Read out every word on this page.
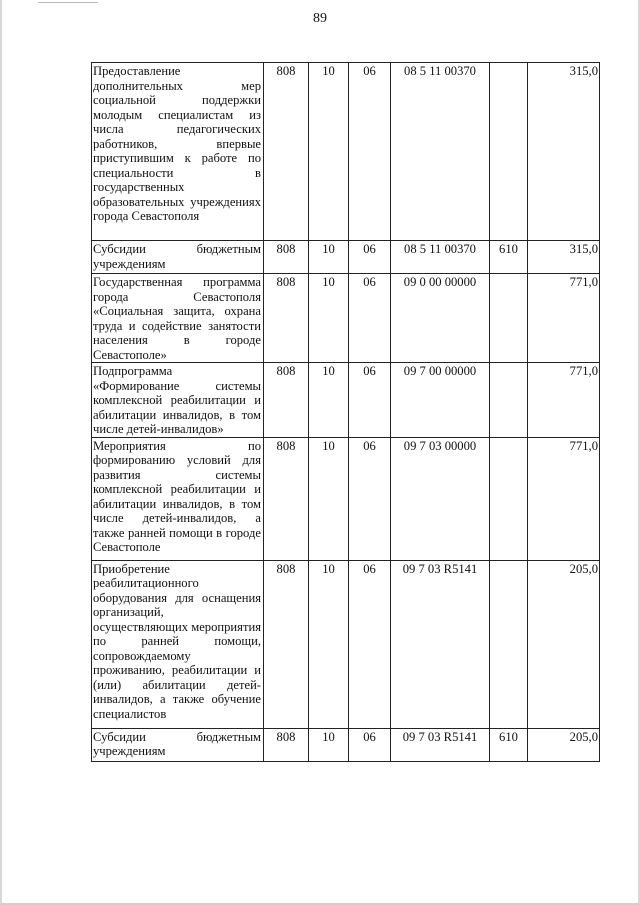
89
Предоставление дополнительных мер социальной поддержки молодым специалистам из числа педагогических работников, впервые приступившим к работе по специальности в государственных образовательных учреждениях города Севастополя	808	10	06	08 5 11 00370		315,0
Субсидии бюджетным учреждениям	808	10	06	08 5 11 00370	610	315,0
Государственная программа города Севастополя «Социальная защита, охрана труда и содействие занятости населения в городе Севастополе»	808	10	06	09 0 00 00000		771,0
Подпрограмма «Формирование системы комплексной реабилитации и абилитации инвалидов, в том числе детей-инвалидов»	808	10	06	09 7 00 00000		771,0
Мероприятия по формированию условий для развития системы комплексной реабилитации и абилитации инвалидов, в том числе детей-инвалидов, а также ранней помощи в городе Севастополе	808	10	06	09 7 03 00000		771,0
Приобретение реабилитационного оборудования для оснащения организаций, осуществляющих мероприятия по ранней помощи, сопровождаемому проживанию, реабилитации и (или) абилитации детей-инвалидов, а также обучение специалистов	808	10	06	09 7 03 R5141		205,0
Субсидии бюджетным учреждениям	808	10	06	09 7 03 R5141	610	205,0
